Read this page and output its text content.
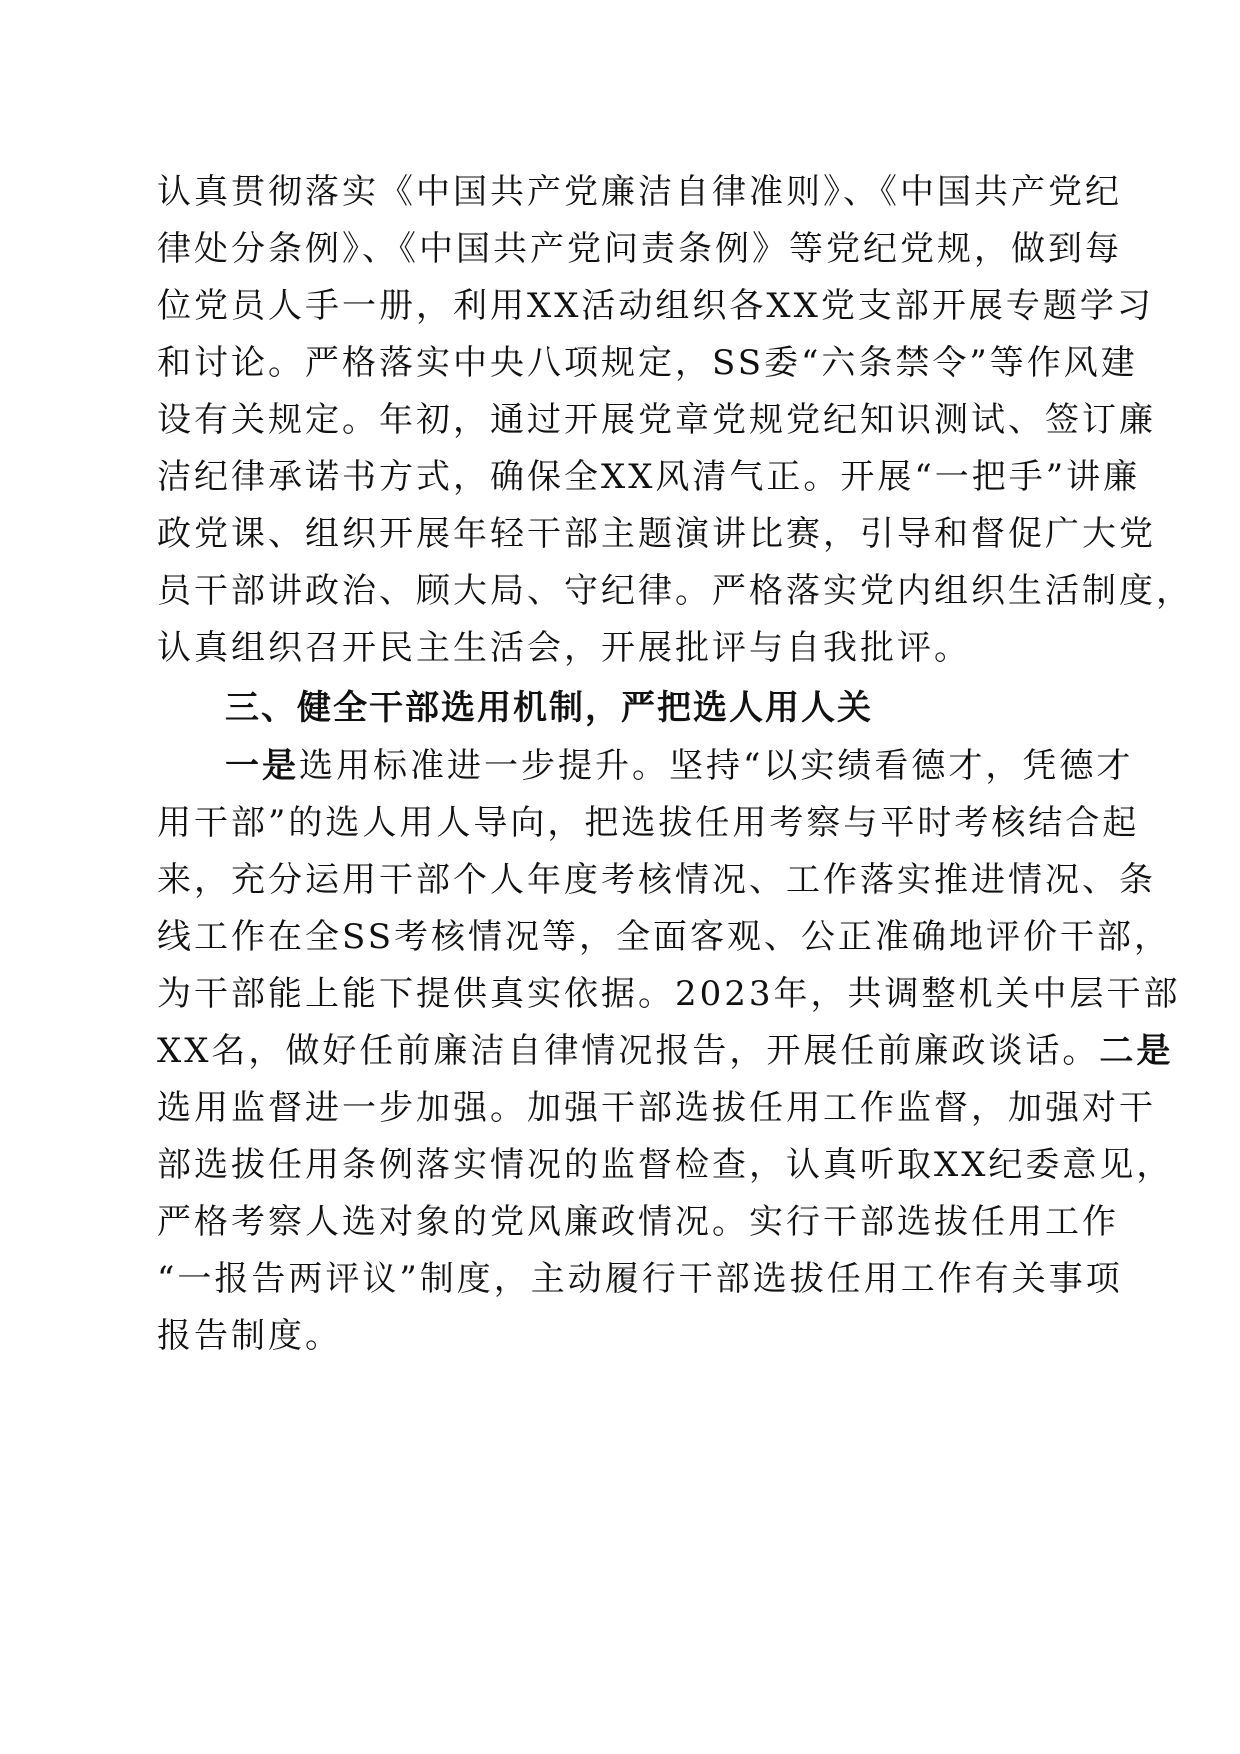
认真贯彻落实《中国共产党廉洁自律准则》、《中国共产党纪
律处分条例》、《中国共产党问责条例》等党纪党规，做到每
位党员人手一册，利用XX活动组织各XX党支部开展专题学习
和讨论。严格落实中央八项规定，SS委“六条禁令”等作风建
设有关规定。年初，通过开展党章党规党纪知识测试、签订廉
洁纪律承诺书方式，确保全XX风清气正。开展“一把手”讲廉
政党课、组织开展年轻干部主题演讲比赛，引导和督促广大党
员干部讲政治、顾大局、守纪律。严格落实党内组织生活制度，
认真组织召开民主生活会，开展批评与自我批评。
三、健全干部选用机制，严把选人用人关
一是选用标准进一步提升。坚持“以实绩看德才，凭德才
用干部”的选人用人导向，把选拔任用考察与平时考核结合起
来，充分运用干部个人年度考核情况、工作落实推进情况、条
线工作在全SS考核情况等，全面客观、公正准确地评价干部，
为干部能上能下提供真实依据。2023年，共调整机关中层干部
XX名，做好任前廉洁自律情况报告，开展任前廉政谈话。二是
选用监督进一步加强。加强干部选拔任用工作监督，加强对干
部选拔任用条例落实情况的监督检查，认真听取XX纪委意见，
严格考察人选对象的党风廉政情况。实行干部选拔任用工作
“一报告两评议”制度，主动履行干部选拔任用工作有关事项
报告制度。
